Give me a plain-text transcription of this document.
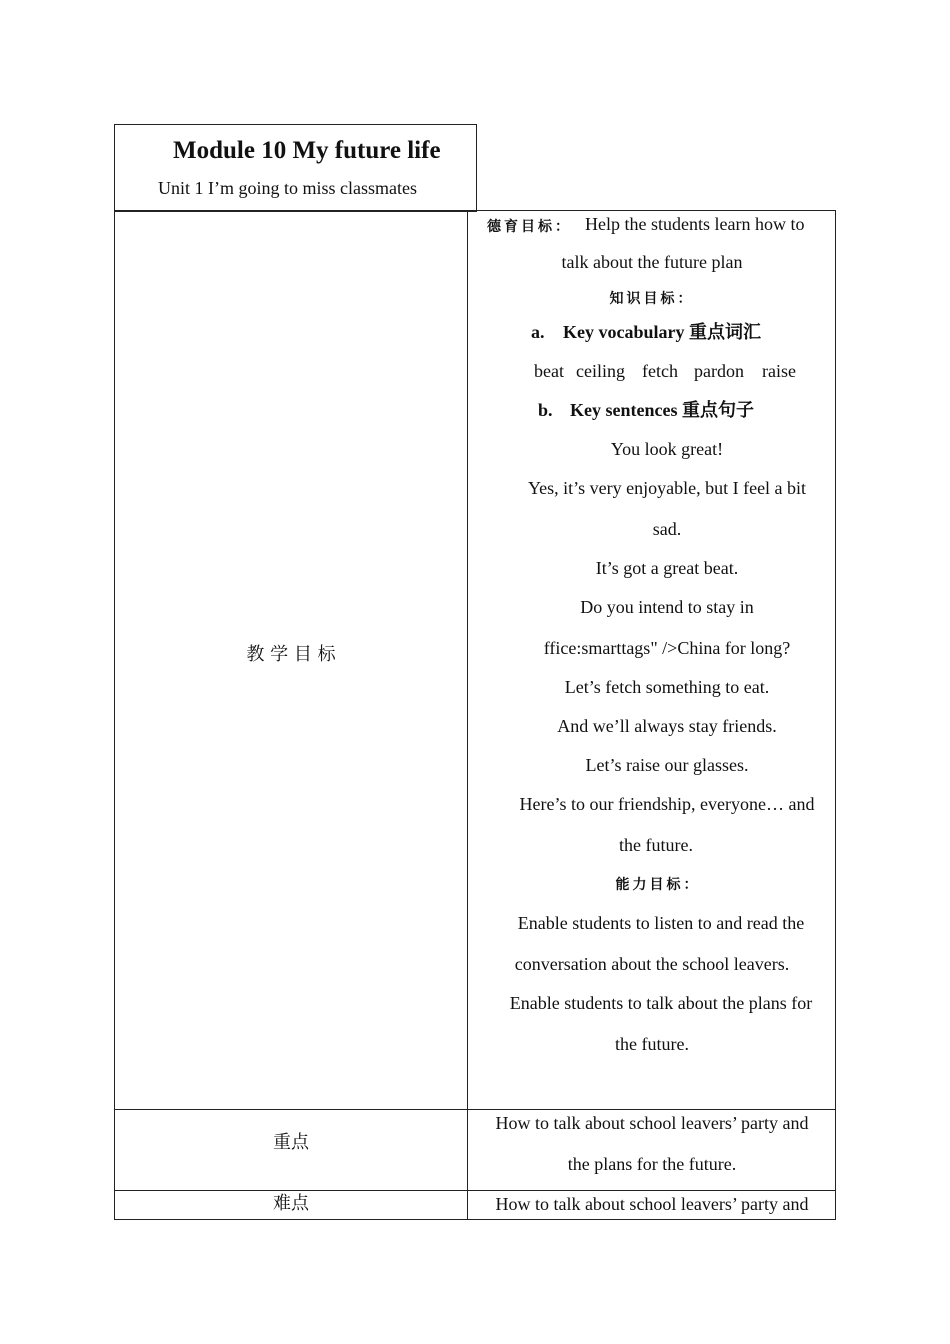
Module 10 My future life
Unit 1 I’m going to miss classmates
教 学 目 标
德育目标： Help the students learn how to
talk about the future plan
知识目标：
a. Key vocabulary 重点词汇
beat ceiling fetch pardon raise
b. Key sentences 重点句子
You look great!
Yes, it’s very enjoyable, but I feel a bit
sad.
It’s got a great beat.
Do you intend to stay in
ffice:smarttags" />China for long?
Let’s fetch something to eat.
And we’ll always stay friends.
Let’s raise our glasses.
Here’s to our friendship, everyone… and
the future.
能力目标：
Enable students to listen to and read the
conversation about the school leavers.
Enable students to talk about the plans for
the future.
重点
How to talk about school leavers’ party and
the plans for the future.
难点	How to talk about school leavers’ party and
